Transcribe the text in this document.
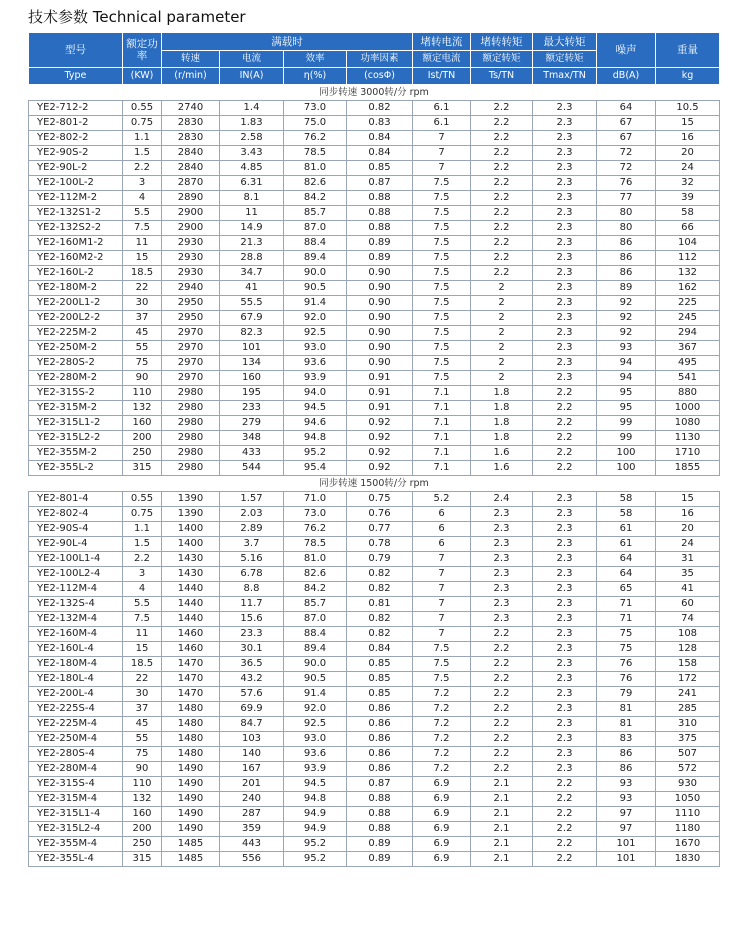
技术参数 Technical parameter
型号	额定功率	满载时				堵转电流	堵转转矩	最大转矩	噪声	重量
		转速	电流	效率	功率因素	额定电流	额定转矩	额定转矩		
Type	(KW)	(r/min)	IN(A)	η(%)	(cosΦ)	Ist/TN	Ts/TN	Tmax/TN	dB(A)	kg
同步转速 3000转/分 rpm										
YE2-712-2	0.55	2740	1.4	73.0	0.82	6.1	2.2	2.3	64	10.5
YE2-801-2	0.75	2830	1.83	75.0	0.83	6.1	2.2	2.3	67	15
YE2-802-2	1.1	2830	2.58	76.2	0.84	7	2.2	2.3	67	16
YE2-90S-2	1.5	2840	3.43	78.5	0.84	7	2.2	2.3	72	20
YE2-90L-2	2.2	2840	4.85	81.0	0.85	7	2.2	2.3	72	24
YE2-100L-2	3	2870	6.31	82.6	0.87	7.5	2.2	2.3	76	32
YE2-112M-2	4	2890	8.1	84.2	0.88	7.5	2.2	2.3	77	39
YE2-132S1-2	5.5	2900	11	85.7	0.88	7.5	2.2	2.3	80	58
YE2-132S2-2	7.5	2900	14.9	87.0	0.88	7.5	2.2	2.3	80	66
YE2-160M1-2	11	2930	21.3	88.4	0.89	7.5	2.2	2.3	86	104
YE2-160M2-2	15	2930	28.8	89.4	0.89	7.5	2.2	2.3	86	112
YE2-160L-2	18.5	2930	34.7	90.0	0.90	7.5	2.2	2.3	86	132
YE2-180M-2	22	2940	41	90.5	0.90	7.5	2	2.3	89	162
YE2-200L1-2	30	2950	55.5	91.4	0.90	7.5	2	2.3	92	225
YE2-200L2-2	37	2950	67.9	92.0	0.90	7.5	2	2.3	92	245
YE2-225M-2	45	2970	82.3	92.5	0.90	7.5	2	2.3	92	294
YE2-250M-2	55	2970	101	93.0	0.90	7.5	2	2.3	93	367
YE2-280S-2	75	2970	134	93.6	0.90	7.5	2	2.3	94	495
YE2-280M-2	90	2970	160	93.9	0.91	7.5	2	2.3	94	541
YE2-315S-2	110	2980	195	94.0	0.91	7.1	1.8	2.2	95	880
YE2-315M-2	132	2980	233	94.5	0.91	7.1	1.8	2.2	95	1000
YE2-315L1-2	160	2980	279	94.6	0.92	7.1	1.8	2.2	99	1080
YE2-315L2-2	200	2980	348	94.8	0.92	7.1	1.8	2.2	99	1130
YE2-355M-2	250	2980	433	95.2	0.92	7.1	1.6	2.2	100	1710
YE2-355L-2	315	2980	544	95.4	0.92	7.1	1.6	2.2	100	1855
同步转速 1500转/分 rpm										
YE2-801-4	0.55	1390	1.57	71.0	0.75	5.2	2.4	2.3	58	15
YE2-802-4	0.75	1390	2.03	73.0	0.76	6	2.3	2.3	58	16
YE2-90S-4	1.1	1400	2.89	76.2	0.77	6	2.3	2.3	61	20
YE2-90L-4	1.5	1400	3.7	78.5	0.78	6	2.3	2.3	61	24
YE2-100L1-4	2.2	1430	5.16	81.0	0.79	7	2.3	2.3	64	31
YE2-100L2-4	3	1430	6.78	82.6	0.82	7	2.3	2.3	64	35
YE2-112M-4	4	1440	8.8	84.2	0.82	7	2.3	2.3	65	41
YE2-132S-4	5.5	1440	11.7	85.7	0.81	7	2.3	2.3	71	60
YE2-132M-4	7.5	1440	15.6	87.0	0.82	7	2.3	2.3	71	74
YE2-160M-4	11	1460	23.3	88.4	0.82	7	2.2	2.3	75	108
YE2-160L-4	15	1460	30.1	89.4	0.84	7.5	2.2	2.3	75	128
YE2-180M-4	18.5	1470	36.5	90.0	0.85	7.5	2.2	2.3	76	158
YE2-180L-4	22	1470	43.2	90.5	0.85	7.5	2.2	2.3	76	172
YE2-200L-4	30	1470	57.6	91.4	0.85	7.2	2.2	2.3	79	241
YE2-225S-4	37	1480	69.9	92.0	0.86	7.2	2.2	2.3	81	285
YE2-225M-4	45	1480	84.7	92.5	0.86	7.2	2.2	2.3	81	310
YE2-250M-4	55	1480	103	93.0	0.86	7.2	2.2	2.3	83	375
YE2-280S-4	75	1480	140	93.6	0.86	7.2	2.2	2.3	86	507
YE2-280M-4	90	1490	167	93.9	0.86	7.2	2.2	2.3	86	572
YE2-315S-4	110	1490	201	94.5	0.87	6.9	2.1	2.2	93	930
YE2-315M-4	132	1490	240	94.8	0.88	6.9	2.1	2.2	93	1050
YE2-315L1-4	160	1490	287	94.9	0.88	6.9	2.1	2.2	97	1110
YE2-315L2-4	200	1490	359	94.9	0.88	6.9	2.1	2.2	97	1180
YE2-355M-4	250	1485	443	95.2	0.89	6.9	2.1	2.2	101	1670
YE2-355L-4	315	1485	556	95.2	0.89	6.9	2.1	2.2	101	1830
